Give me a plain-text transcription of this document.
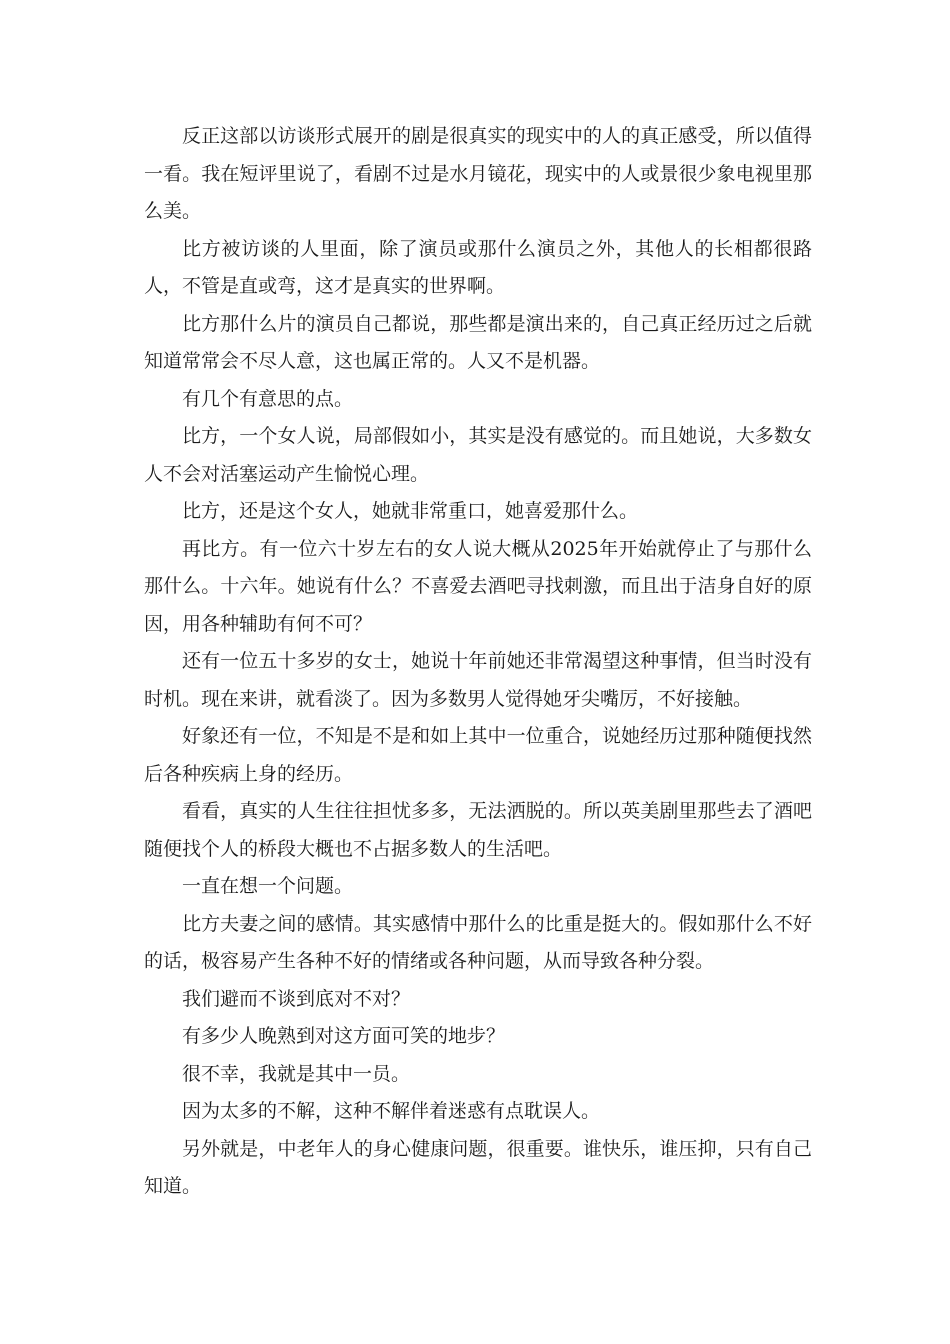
反正这部以访谈形式展开的剧是很真实的现实中的人的真正感受，所以值得一看。我在短评里说了，看剧不过是水月镜花，现实中的人或景很少象电视里那么美。

比方被访谈的人里面，除了演员或那什么演员之外，其他人的长相都很路人，不管是直或弯，这才是真实的世界啊。

比方那什么片的演员自己都说，那些都是演出来的，自己真正经历过之后就知道常常会不尽人意，这也属正常的。人又不是机器。

有几个有意思的点。

比方，一个女人说，局部假如小，其实是没有感觉的。而且她说，大多数女人不会对活塞运动产生愉悦心理。

比方，还是这个女人，她就非常重口，她喜爱那什么。

再比方。有一位六十岁左右的女人说大概从2025年开始就停止了与那什么那什么。十六年。她说有什么？不喜爱去酒吧寻找刺激，而且出于洁身自好的原因，用各种辅助有何不可？

还有一位五十多岁的女士，她说十年前她还非常渴望这种事情，但当时没有时机。现在来讲，就看淡了。因为多数男人觉得她牙尖嘴厉，不好接触。

好象还有一位，不知是不是和如上其中一位重合，说她经历过那种随便找然后各种疾病上身的经历。

看看，真实的人生往往担忧多多，无法洒脱的。所以英美剧里那些去了酒吧随便找个人的桥段大概也不占据多数人的生活吧。

一直在想一个问题。

比方夫妻之间的感情。其实感情中那什么的比重是挺大的。假如那什么不好的话，极容易产生各种不好的情绪或各种问题，从而导致各种分裂。

我们避而不谈到底对不对？

有多少人晚熟到对这方面可笑的地步？

很不幸，我就是其中一员。

因为太多的不解，这种不解伴着迷惑有点耽误人。

另外就是，中老年人的身心健康问题，很重要。谁快乐，谁压抑，只有自己知道。
